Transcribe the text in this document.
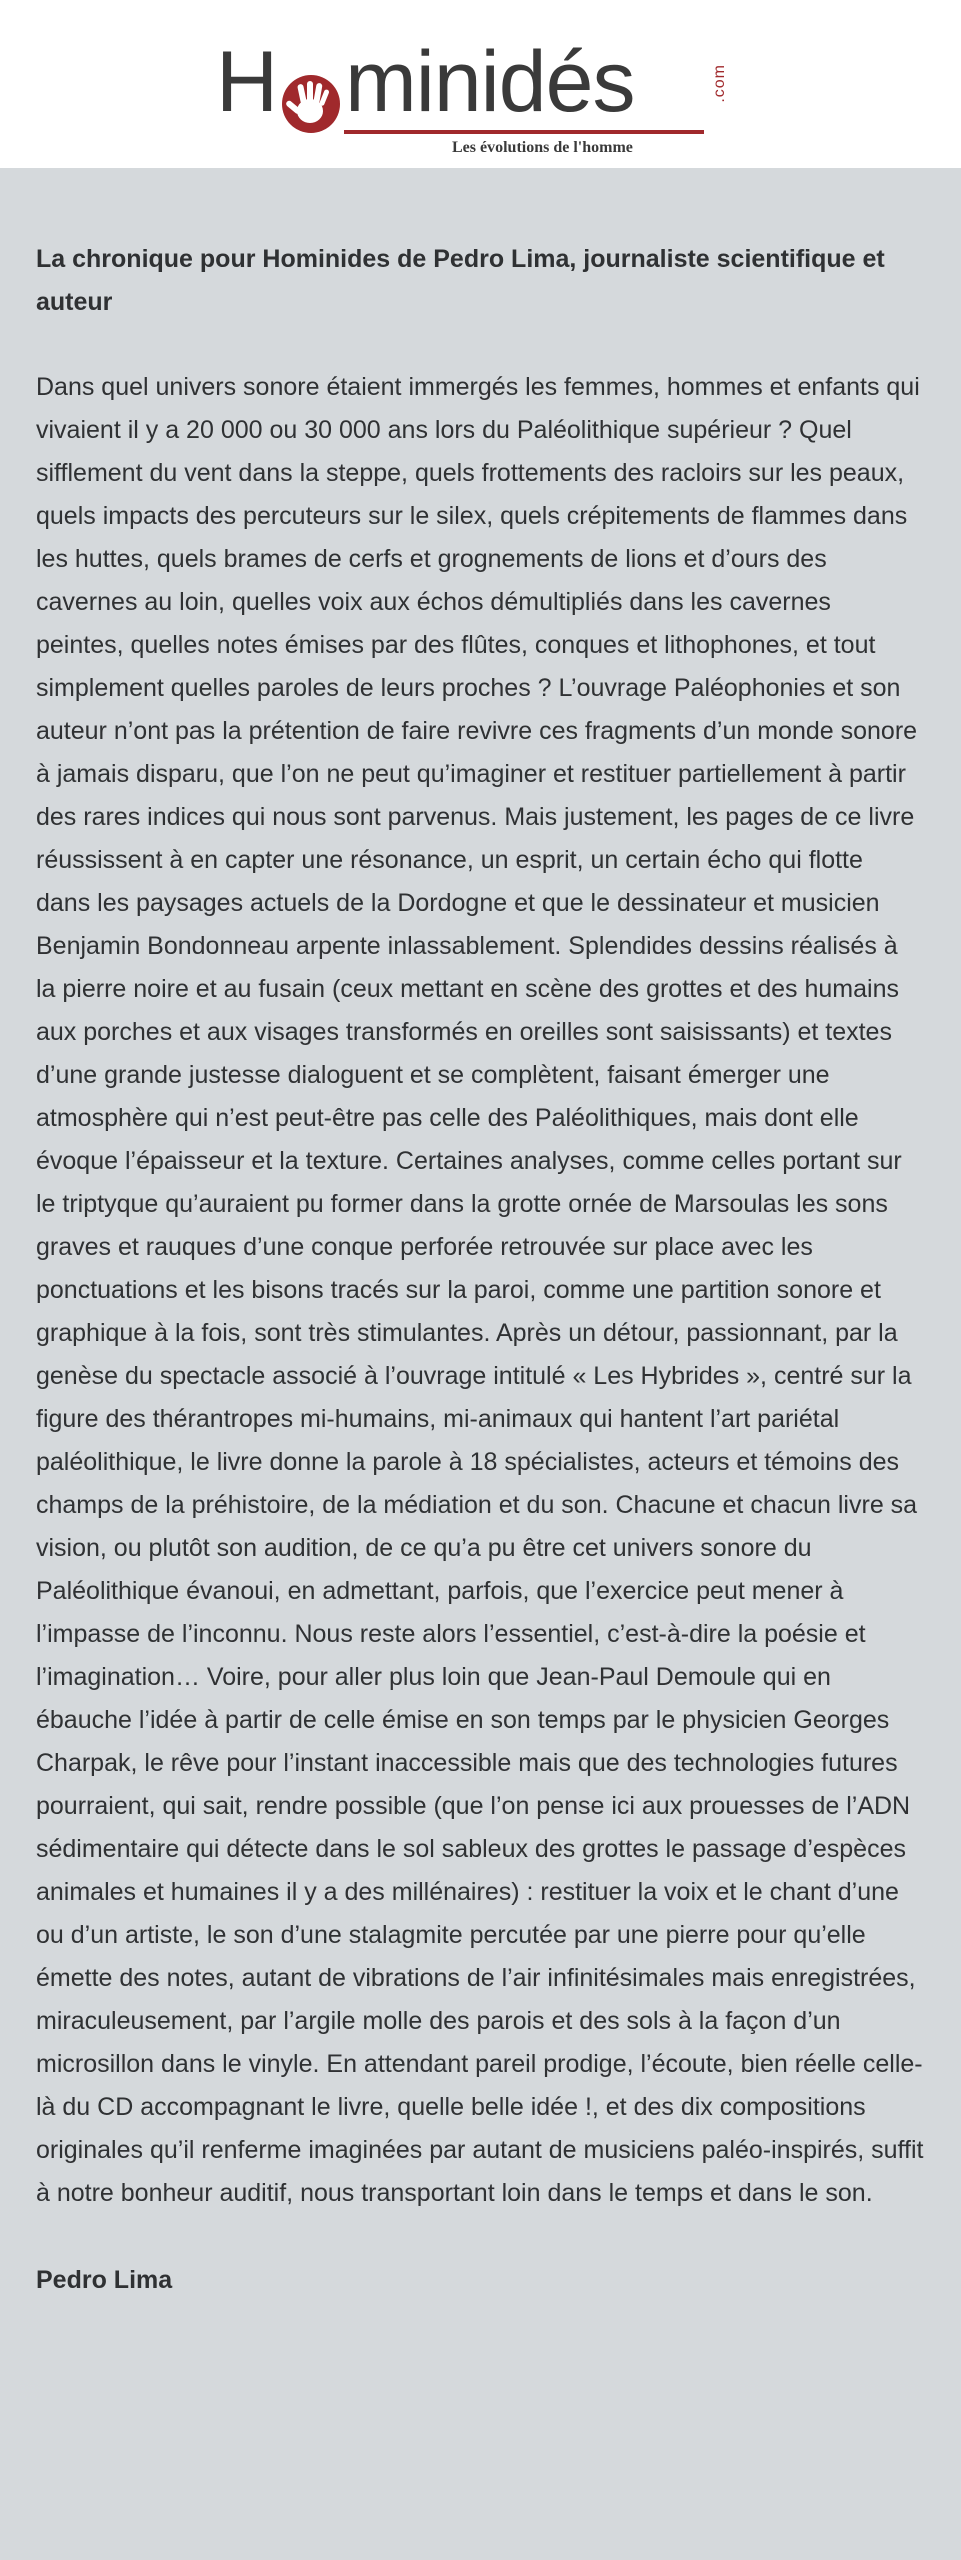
H minidés	.com
Les évolutions de l'homme
La chronique pour Hominides de Pedro Lima, journaliste scientifique et auteur

Dans quel univers sonore étaient immergés les femmes, hommes et enfants qui vivaient il y a 20 000 ou 30 000 ans lors du Paléolithique supérieur ? Quel sifflement du vent dans la steppe, quels frottements des racloirs sur les peaux, quels impacts des percuteurs sur le silex, quels crépitements de flammes dans les huttes, quels brames de cerfs et grognements de lions et d’ours des cavernes au loin, quelles voix aux échos démultipliés dans les cavernes peintes, quelles notes émises par des flûtes, conques et lithophones, et tout simplement quelles paroles de leurs proches ? L’ouvrage Paléophonies et son auteur n’ont pas la prétention de faire revivre ces fragments d’un monde sonore à jamais disparu, que l’on ne peut qu’imaginer et restituer partiellement à partir des rares indices qui nous sont parvenus. Mais justement, les pages de ce livre réussissent à en capter une résonance, un esprit, un certain écho qui flotte dans les paysages actuels de la Dordogne et que le dessinateur et musicien Benjamin Bondonneau arpente inlassablement. Splendides dessins réalisés à la pierre noire et au fusain (ceux mettant en scène des grottes et des humains aux porches et aux visages transformés en oreilles sont saisissants) et textes d’une grande justesse dialoguent et se complètent, faisant émerger une atmosphère qui n’est peut-être pas celle des Paléolithiques, mais dont elle évoque l’épaisseur et la texture. Certaines analyses, comme celles portant sur le triptyque qu’auraient pu former dans la grotte ornée de Marsoulas les sons graves et rauques d’une conque perforée retrouvée sur place avec les ponctuations et les bisons tracés sur la paroi, comme une partition sonore et graphique à la fois, sont très stimulantes. Après un détour, passionnant, par la genèse du spectacle associé à l’ouvrage intitulé « Les Hybrides », centré sur la figure des thérantropes mi-humains, mi-animaux qui hantent l’art pariétal paléolithique, le livre donne la parole à 18 spécialistes, acteurs et témoins des champs de la préhistoire, de la médiation et du son. Chacune et chacun livre sa vision, ou plutôt son audition, de ce qu’a pu être cet univers sonore du Paléolithique évanoui, en admettant, parfois, que l’exercice peut mener à l’impasse de l’inconnu. Nous reste alors l’essentiel, c’est-à-dire la poésie et l’imagination… Voire, pour aller plus loin que Jean-Paul Demoule qui en ébauche l’idée à partir de celle émise en son temps par le physicien Georges Charpak, le rêve pour l’instant inaccessible mais que des technologies futures pourraient, qui sait, rendre possible (que l’on pense ici aux prouesses de l’ADN sédimentaire qui détecte dans le sol sableux des grottes le passage d’espèces animales et humaines il y a des millénaires) : restituer la voix et le chant d’une ou d’un artiste, le son d’une stalagmite percutée par une pierre pour qu’elle émette des notes, autant de vibrations de l’air infinitésimales mais enregistrées, miraculeusement, par l’argile molle des parois et des sols à la façon d’un microsillon dans le vinyle. En attendant pareil prodige, l’écoute, bien réelle celle-là du CD accompagnant le livre, quelle belle idée !, et des dix compositions originales qu’il renferme imaginées par autant de musiciens paléo-inspirés, suffit à notre bonheur auditif, nous transportant loin dans le temps et dans le son.

Pedro Lima
